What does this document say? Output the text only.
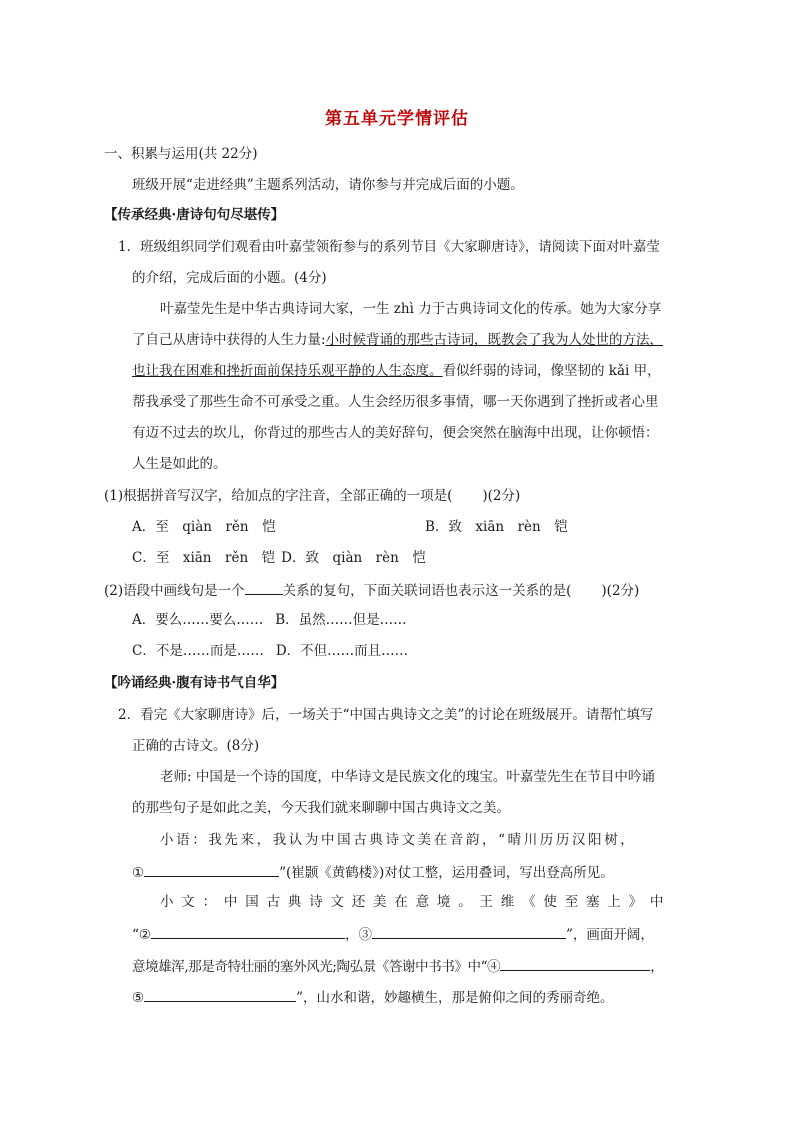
第五单元学情评估
一、积累与运用(共 22分)
班级开展“走进经典”主题系列活动，请你参与并完成后面的小题。
【传承经典·唐诗句句尽堪传】
1．班级组织同学们观看由叶嘉莹领衔参与的系列节目《大家聊唐诗》，请阅读下面对叶嘉莹
的介绍，完成后面的小题。(4分)
叶嘉莹先生是中华古典诗词大家，一生 zhì 力于古典诗词文化的传承。她为大家分享
了自己从唐诗中获得的人生力量:小时候背诵的那些古诗词，既教会了我为人处世的方法，
也让我在困难和挫折面前保持乐观平静的人生态度。看似纤弱的诗词，像坚韧的 kǎi 甲，
帮我承受了那些生命不可承受之重。人生会经历很多事情，哪一天你遇到了挫折或者心里
有迈不过去的坎儿，你背过的那些古人的美好辞句，便会突然在脑海中出现，让你顿悟：
人生是如此的。
(1)根据拼音写汉字，给加点的字注音，全部正确的一项是( )(2分)
A．至　qiàn　rěn　恺	B．致　xiān　rèn　铠
C．至　xiān　rěn　铠 D．致　qiàn　rèn　恺
(2)语段中画线句是一个	关系的复句，下面关联词语也表示这一关系的是( )(2分)
A．要么……要么…… B．虽然……但是……
C．不是……而是…… D．不但……而且……
【吟诵经典·腹有诗书气自华】
2．看完《大家聊唐诗》后，一场关于“中国古典诗文之美”的讨论在班级展开。请帮忙填写
正确的古诗文。(8分)
老师: 中国是一个诗的国度，中华诗文是民族文化的瑰宝。叶嘉莹先生在节目中吟诵
的那些句子是如此之美，今天我们就来聊聊中国古典诗文之美。
小语：我先来，我认为中国古典诗文美在音韵，“晴川历历汉阳树，
①	”(崔颢《黄鹤楼》)对仗工整，运用叠词，写出登高所见。
小文：中国古典诗文还美在意境。王维《使至塞上》中
“②	，③	”，画面开阔，
意境雄浑,那是奇特壮丽的塞外风光;陶弘景《答谢中书书》中“④	，
⑤	”，山水和谐，妙趣横生，那是俯仰之间的秀丽奇绝。
